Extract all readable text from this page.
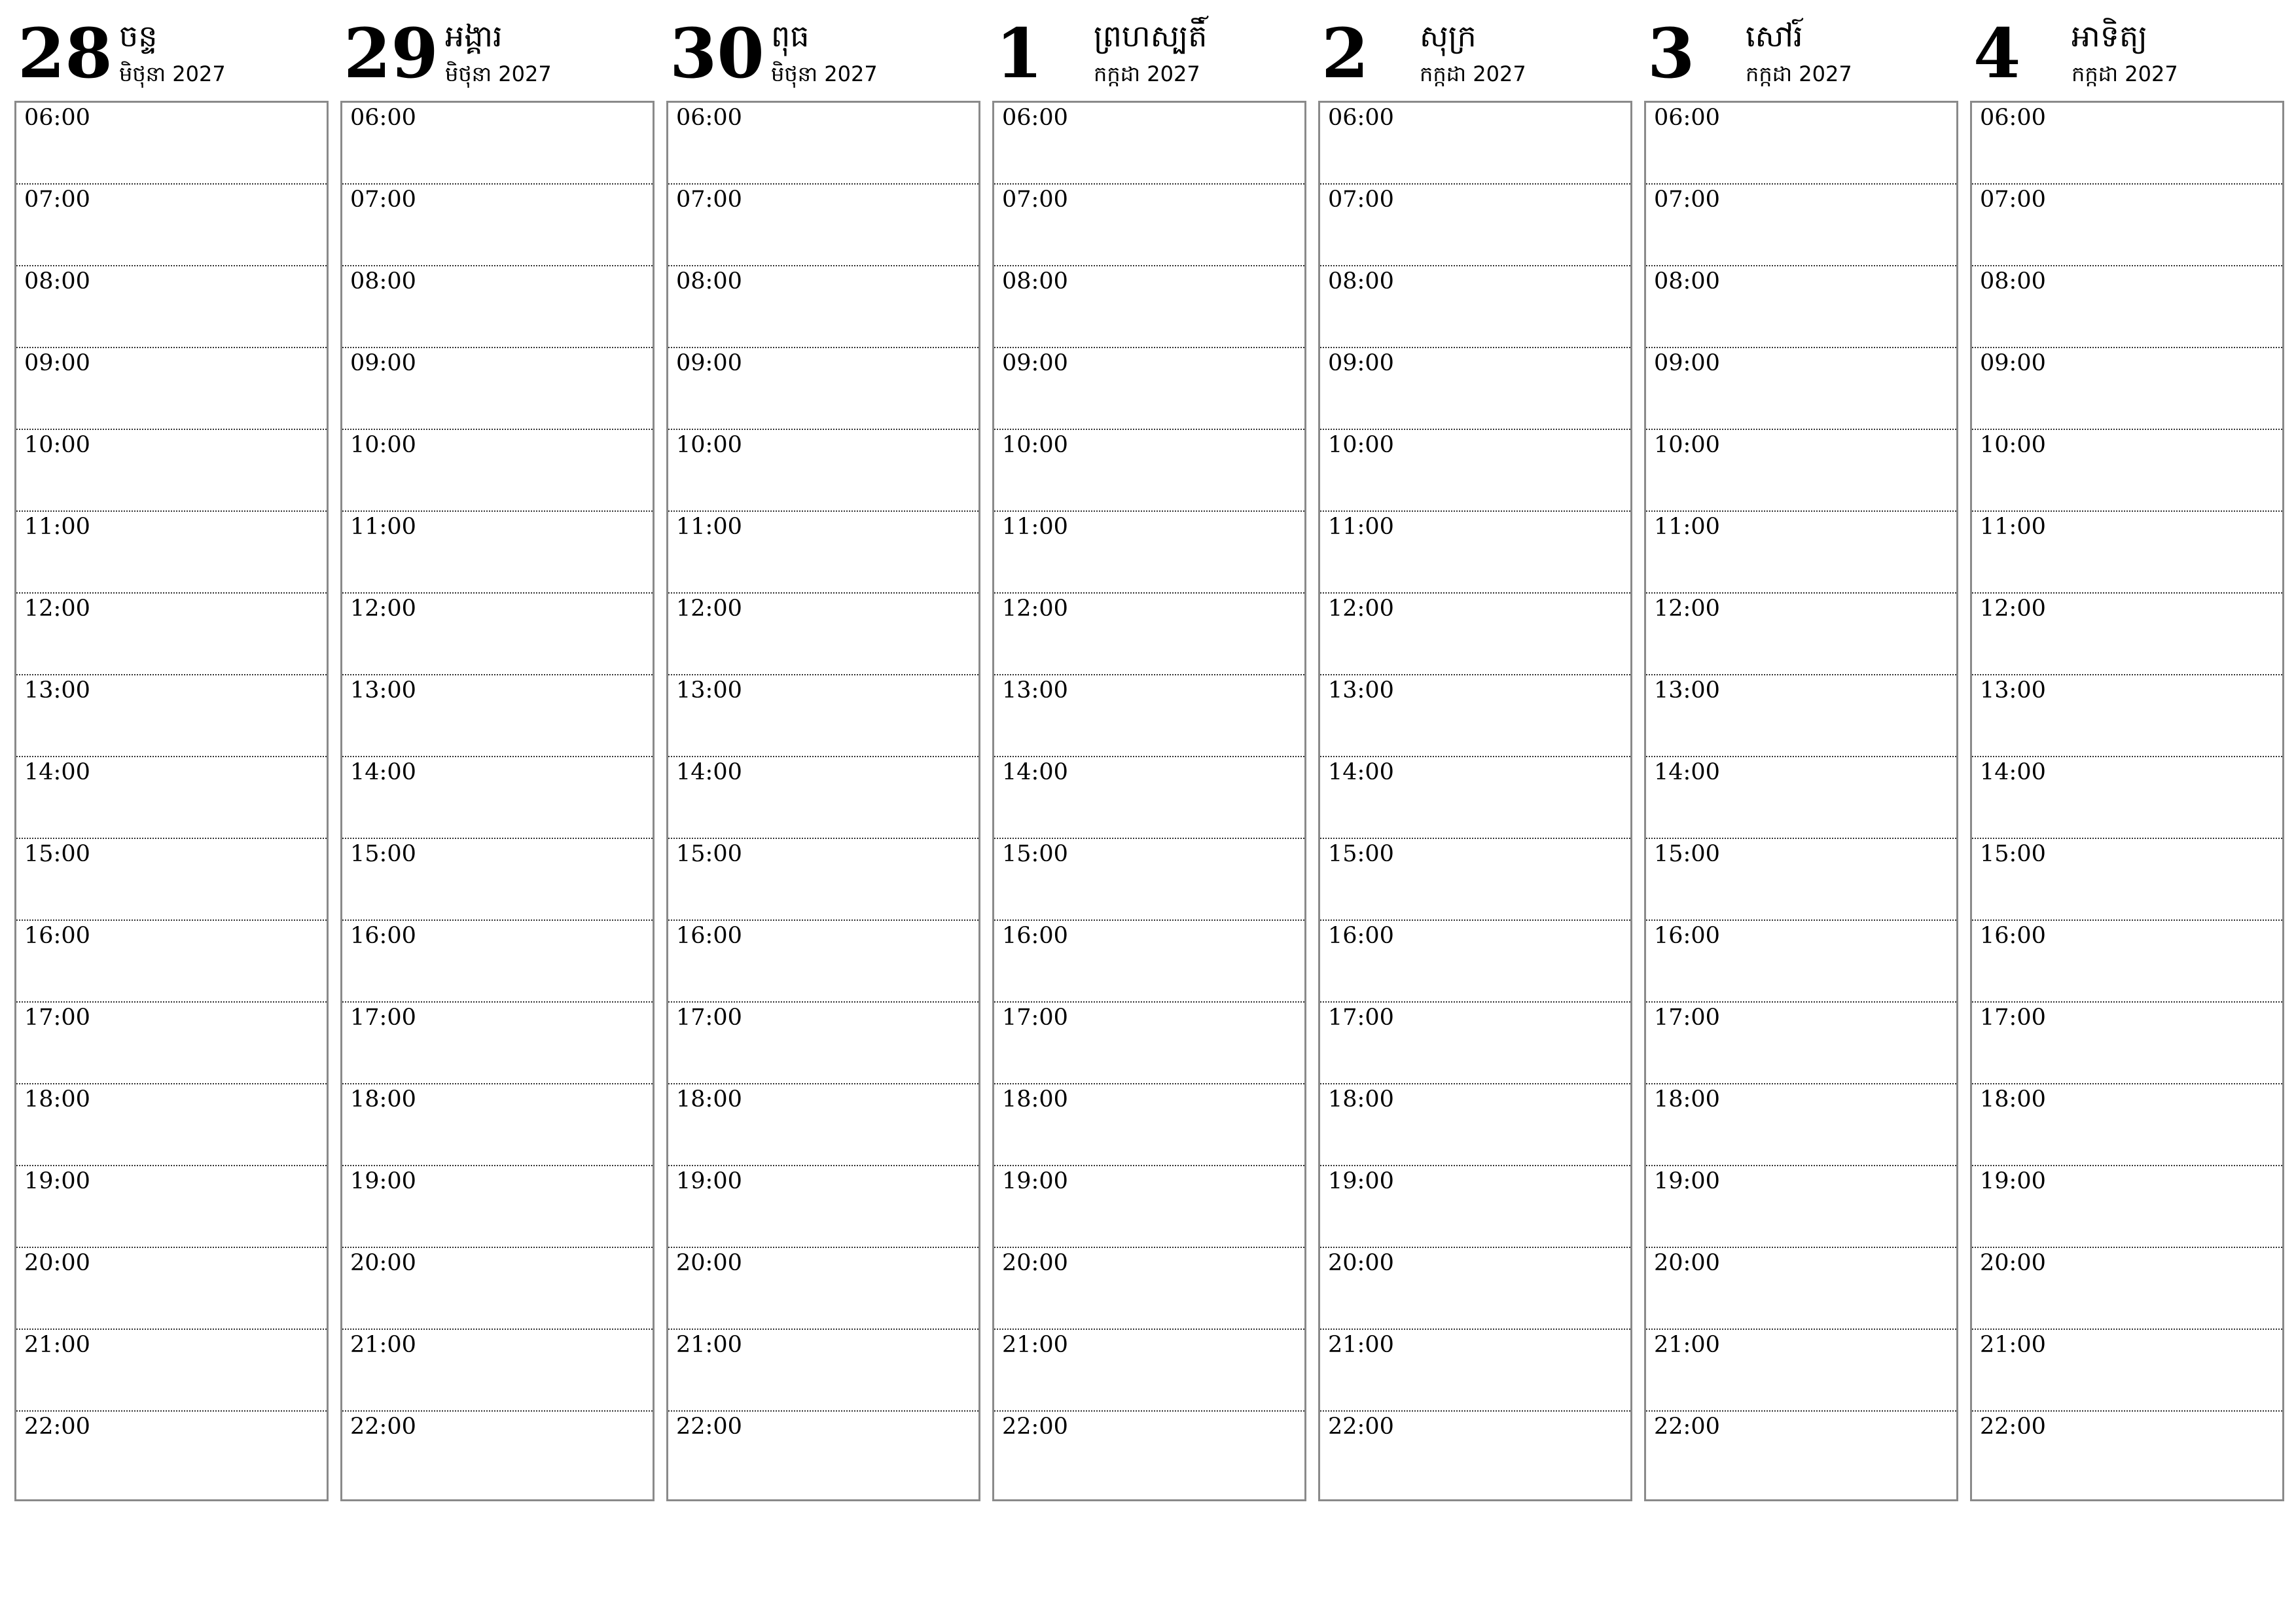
28 ចន្ទ
មិថុនា 2027
06:00
07:00
08:00
09:00
10:00
11:00
12:00
13:00
14:00
15:00
16:00
17:00
18:00
19:00
20:00
21:00
22:00
29 អង្គារ
មិថុនា 2027
06:00
07:00
08:00
09:00
10:00
11:00
12:00
13:00
14:00
15:00
16:00
17:00
18:00
19:00
20:00
21:00
22:00
30 ពុធ
មិថុនា 2027
06:00
07:00
08:00
09:00
10:00
11:00
12:00
13:00
14:00
15:00
16:00
17:00
18:00
19:00
20:00
21:00
22:00
1 ព្រហស្បតិ៍
កក្កដា 2027
06:00
07:00
08:00
09:00
10:00
11:00
12:00
13:00
14:00
15:00
16:00
17:00
18:00
19:00
20:00
21:00
22:00
2 សុក្រ
កក្កដា 2027
06:00
07:00
08:00
09:00
10:00
11:00
12:00
13:00
14:00
15:00
16:00
17:00
18:00
19:00
20:00
21:00
22:00
3 សៅរ៍
កក្កដា 2027
06:00
07:00
08:00
09:00
10:00
11:00
12:00
13:00
14:00
15:00
16:00
17:00
18:00
19:00
20:00
21:00
22:00
4 អាទិត្យ
កក្កដា 2027
06:00
07:00
08:00
09:00
10:00
11:00
12:00
13:00
14:00
15:00
16:00
17:00
18:00
19:00
20:00
21:00
22:00
